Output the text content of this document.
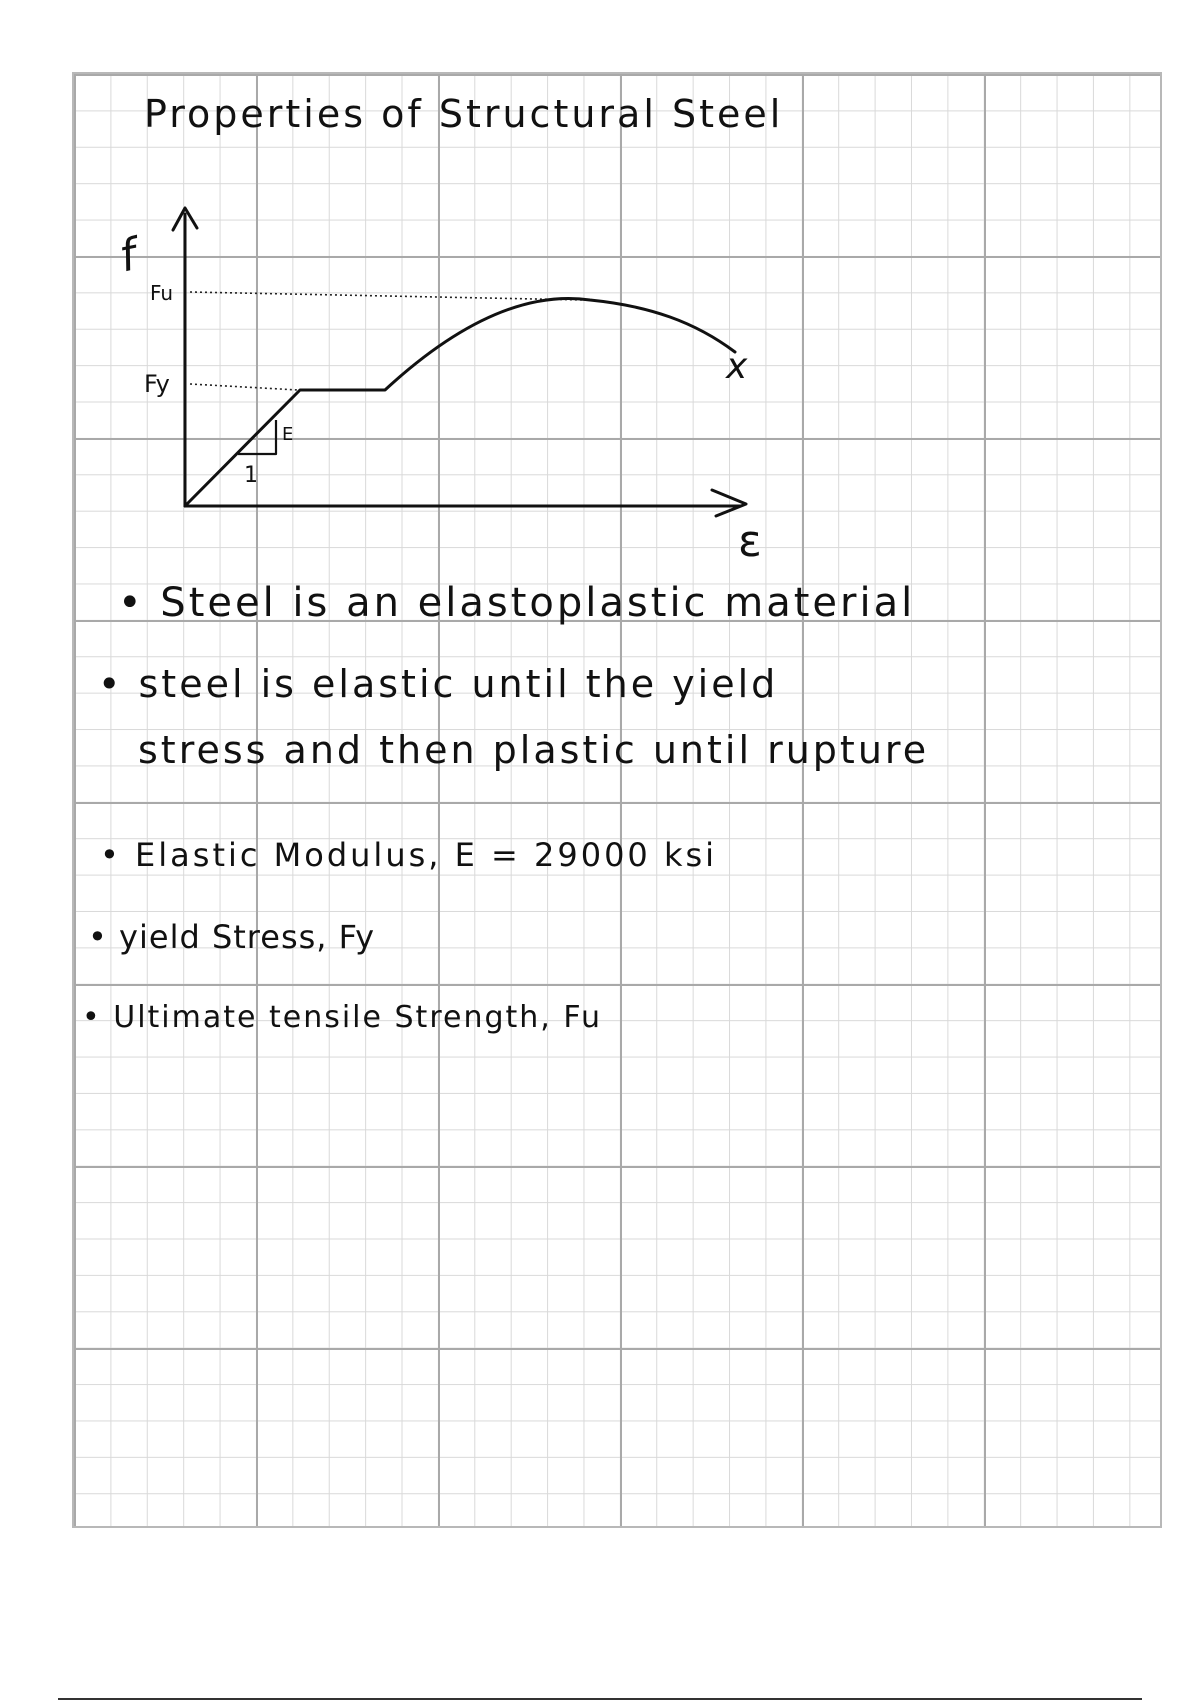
Properties of Structural Steel
f
ε
Fu
Fy
E
1
x
• Steel is an elastoplastic material
• steel is elastic until the yield
stress and then plastic until rupture
• Elastic Modulus, E = 29000 ksi
• yield Stress, Fy
• Ultimate tensile Strength, Fu
